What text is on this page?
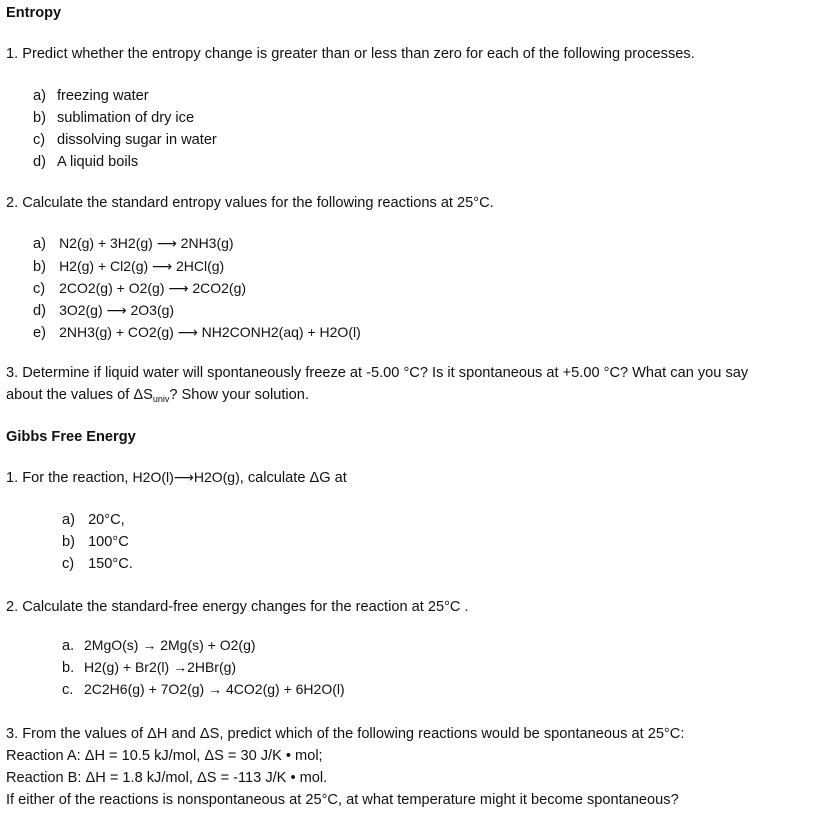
Entropy
1. Predict whether the entropy change is greater than or less than zero for each of the following processes.
a) freezing water
b) sublimation of dry ice
c) dissolving sugar in water
d) A liquid boils
2. Calculate the standard entropy values for the following reactions at 25°C.
a) N2(g) + 3H2(g) ⟶ 2NH3(g)
b) H2(g) + Cl2(g) ⟶ 2HCl(g)
c) 2CO2(g) + O2(g) ⟶ 2CO2(g)
d) 3O2(g) ⟶ 2O3(g)
e) 2NH3(g) + CO2(g) ⟶ NH2CONH2(aq) + H2O(l)
3. Determine if liquid water will spontaneously freeze at -5.00 °C? Is it spontaneous at +5.00 °C? What can you say
about the values of $\Delta S_{univ}$? Show your solution.
Gibbs Free Energy
1. For the reaction, H2O(l)⟶H2O(g), calculate ΔG at
a) 20°C,
b) 100°C
c) 150°C.
2. Calculate the standard-free energy changes for the reaction at 25°C .
a. 2MgO(s) → 2Mg(s) + O2(g)
b. H2(g) + Br2(l) →2HBr(g)
c. 2C2H6(g) + 7O2(g) → 4CO2(g) + 6H2O(l)
3. From the values of ΔH and ΔS, predict which of the following reactions would be spontaneous at 25°C:
Reaction A: ΔH = 10.5 kJ/mol, ΔS = 30 J/K • mol;
Reaction B: ΔH = 1.8 kJ/mol, ΔS = -113 J/K • mol.
If either of the reactions is nonspontaneous at 25°C, at what temperature might it become spontaneous?
